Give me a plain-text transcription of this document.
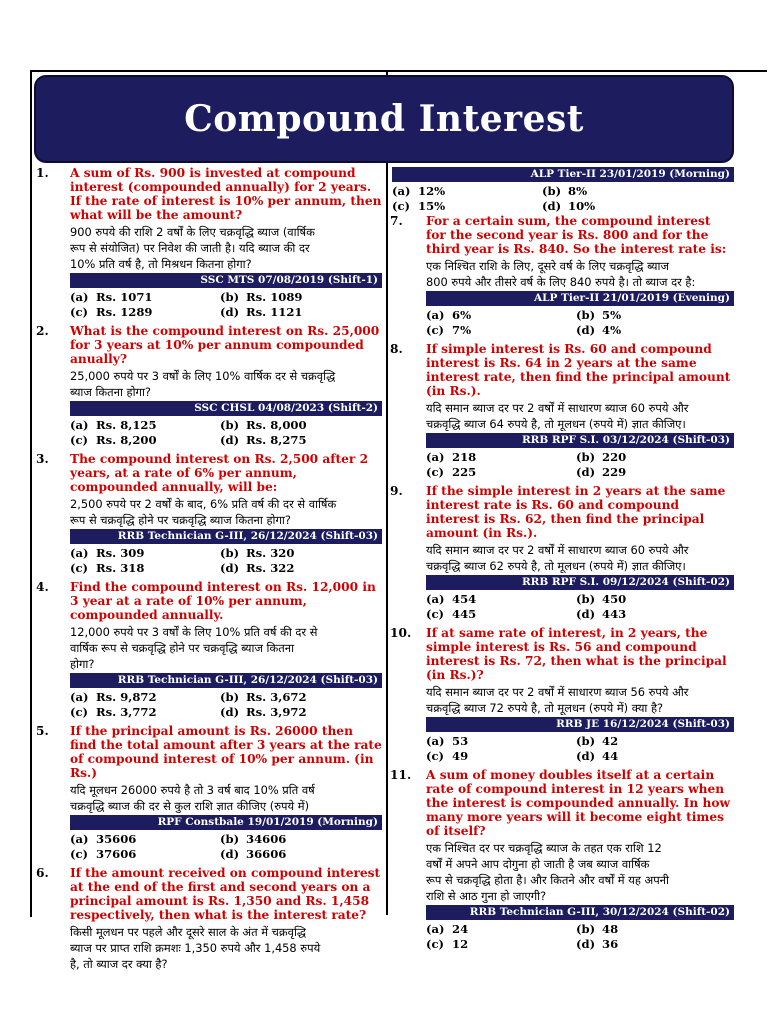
Compound Interest
1. A sum of Rs. 900 is invested at compound interest (compounded annually) for 2 years. If the rate of interest is 10% per annum, then what will be the amount?
900 रुपये की राशि 2 वर्षों के लिए चक्रवृद्धि ब्याज (वार्षिक
रूप से संयोजित) पर निवेश की जाती है। यदि ब्याज की दर
10% प्रति वर्ष है, तो मिश्रधन कितना होगा?
SSC MTS 07/08/2019 (Shift-1)
(a) Rs. 1071	(b) Rs. 1089
(c) Rs. 1289	(d) Rs. 1121
2. What is the compound interest on Rs. 25,000 for 3 years at 10% per annum compounded anually?
25,000 रुपये पर 3 वर्षों के लिए 10% वार्षिक दर से चक्रवृद्धि
ब्याज कितना होगा?
SSC CHSL 04/08/2023 (Shift-2)
(a) Rs. 8,125	(b) Rs. 8,000
(c) Rs. 8,200	(d) Rs. 8,275
3. The compound interest on Rs. 2,500 after 2 years, at a rate of 6% per annum, compounded annually, will be:
2,500 रुपये पर 2 वर्षों के बाद, 6% प्रति वर्ष की दर से वार्षिक
रूप से चक्रवृद्धि होने पर चक्रवृद्धि ब्याज कितना होगा?
RRB Technician G-III, 26/12/2024 (Shift-03)
(a) Rs. 309	(b) Rs. 320
(c) Rs. 318	(d) Rs. 322
4. Find the compound interest on Rs. 12,000 in 3 year at a rate of 10% per annum, compounded annually.
12,000 रुपये पर 3 वर्षों के लिए 10% प्रति वर्ष की दर से
वार्षिक रूप से चक्रवृद्धि होने पर चक्रवृद्धि ब्याज कितना
होगा?
RRB Technician G-III, 26/12/2024 (Shift-03)
(a) Rs. 9,872	(b) Rs. 3,672
(c) Rs. 3,772	(d) Rs. 3,972
5. If the principal amount is Rs. 26000 then find the total amount after 3 years at the rate of compound interest of 10% per annum. (in Rs.)
यदि मूलधन 26000 रुपये है तो 3 वर्ष बाद 10% प्रति वर्ष
चक्रवृद्धि ब्याज की दर से कुल राशि ज्ञात कीजिए (रुपये में)
RPF Constbale 19/01/2019 (Morning)
(a) 35606	(b) 34606
(c) 37606	(d) 36606
6. If the amount received on compound interest at the end of the first and second years on a principal amount is Rs. 1,350 and Rs. 1,458 respectively, then what is the interest rate?
किसी मूलधन पर पहले और दूसरे साल के अंत में चक्रवृद्धि
ब्याज पर प्राप्त राशि क्रमशः 1,350 रुपये और 1,458 रुपये
है, तो ब्याज दर क्या है?
ALP Tier-II 23/01/2019 (Morning)
(a) 12%	(b) 8%
(c) 15%	(d) 10%
7. For a certain sum, the compound interest for the second year is Rs. 800 and for the third year is Rs. 840. So the interest rate is:
एक निश्चित राशि के लिए, दूसरे वर्ष के लिए चक्रवृद्धि ब्याज
800 रुपये और तीसरे वर्ष के लिए 840 रुपये है। तो ब्याज दर है:
ALP Tier-II 21/01/2019 (Evening)
(a) 6%	(b) 5%
(c) 7%	(d) 4%
8. If simple interest is Rs. 60 and compound interest is Rs. 64 in 2 years at the same interest rate, then find the principal amount (in Rs.).
यदि समान ब्याज दर पर 2 वर्षों में साधारण ब्याज 60 रुपये और
चक्रवृद्धि ब्याज 64 रुपये है, तो मूलधन (रुपये में) ज्ञात कीजिए।
RRB RPF S.I. 03/12/2024 (Shift-03)
(a) 218	(b) 220
(c) 225	(d) 229
9. If the simple interest in 2 years at the same interest rate is Rs. 60 and compound interest is Rs. 62, then find the principal amount (in Rs.).
यदि समान ब्याज दर पर 2 वर्षों में साधारण ब्याज 60 रुपये और
चक्रवृद्धि ब्याज 62 रुपये है, तो मूलधन (रुपये में) ज्ञात कीजिए।
RRB RPF S.I. 09/12/2024 (Shift-02)
(a) 454	(b) 450
(c) 445	(d) 443
10. If at same rate of interest, in 2 years, the simple interest is Rs. 56 and compound interest is Rs. 72, then what is the principal (in Rs.)?
यदि समान ब्याज दर पर 2 वर्षों में साधारण ब्याज 56 रुपये और
चक्रवृद्धि ब्याज 72 रुपये है, तो मूलधन (रुपये में) क्या है?
RRB JE 16/12/2024 (Shift-03)
(a) 53	(b) 42
(c) 49	(d) 44
11. A sum of money doubles itself at a certain rate of compound interest in 12 years when the interest is compounded annually. In how many more years will it become eight times of itself?
एक निश्चित दर पर चक्रवृद्धि ब्याज के तहत एक राशि 12
वर्षों में अपने आप दोगुना हो जाती है जब ब्याज वार्षिक
रूप से चक्रवृद्धि होता है। और कितने और वर्षों में यह अपनी
राशि से आठ गुना हो जाएगी?
RRB Technician G-III, 30/12/2024 (Shift-02)
(a) 24	(b) 48
(c) 12	(d) 36
